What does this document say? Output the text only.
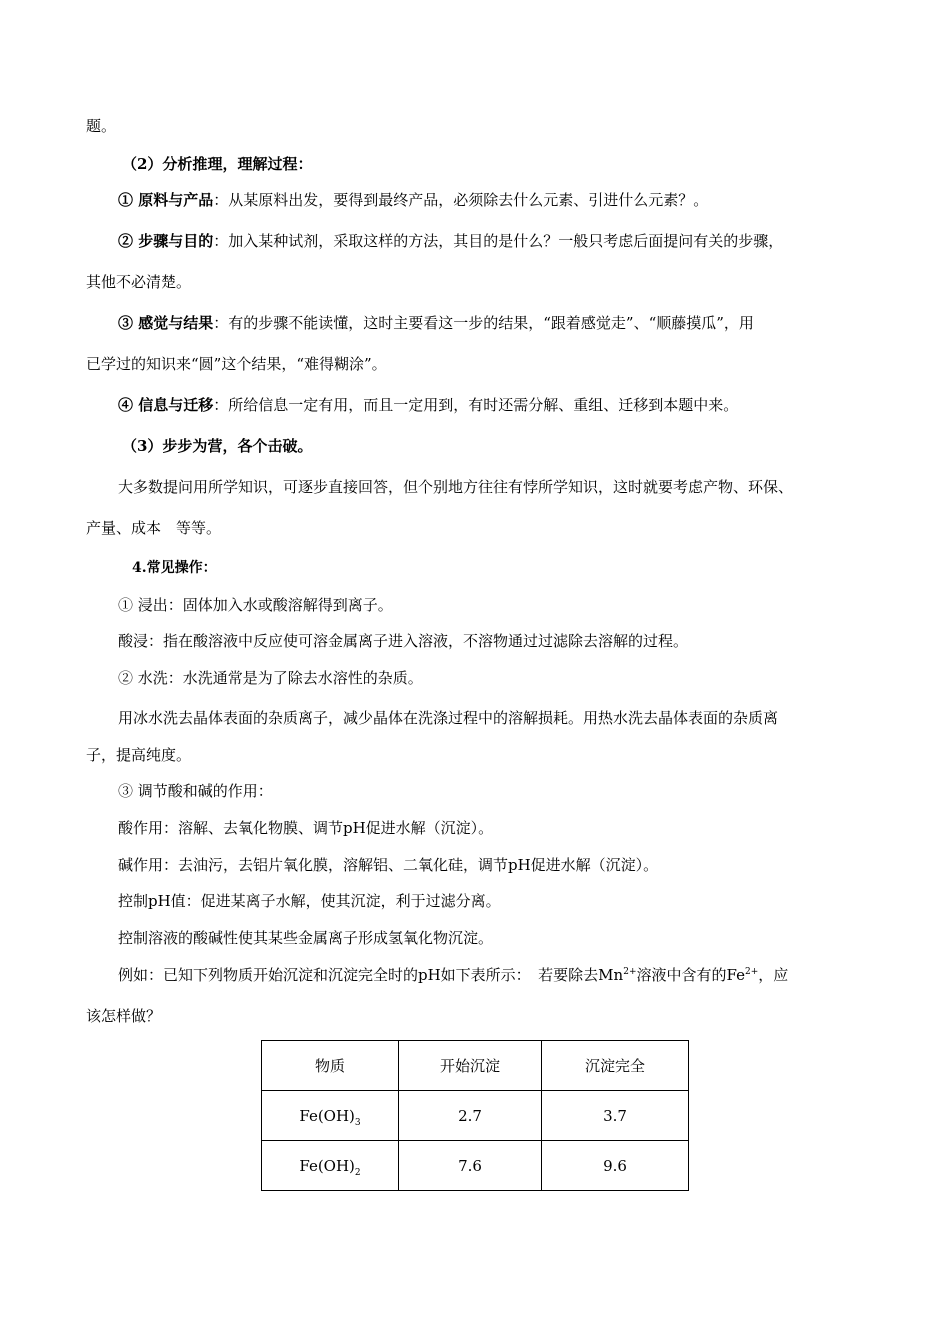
题。
（2）分析推理，理解过程：
① 原料与产品：从某原料出发，要得到最终产品，必须除去什么元素、引进什么元素？。
② 步骤与目的：加入某种试剂，采取这样的方法，其目的是什么？一般只考虑后面提问有关的步骤，
其他不必清楚。
③ 感觉与结果：有的步骤不能读懂，这时主要看这一步的结果，“跟着感觉走”、“顺藤摸瓜”，用
已学过的知识来“圆”这个结果，“难得糊涂”。
④ 信息与迁移：所给信息一定有用，而且一定用到，有时还需分解、重组、迁移到本题中来。
（3）步步为营，各个击破。
大多数提问用所学知识，可逐步直接回答，但个别地方往往有悖所学知识，这时就要考虑产物、环保、
产量、成本　等等。
4.常见操作：
① 浸出：固体加入水或酸溶解得到离子。
酸浸：指在酸溶液中反应使可溶金属离子进入溶液，不溶物通过过滤除去溶解的过程。
② 水洗：水洗通常是为了除去水溶性的杂质。
用冰水洗去晶体表面的杂质离子，减少晶体在洗涤过程中的溶解损耗。用热水洗去晶体表面的杂质离
子，提高纯度。
③ 调节酸和碱的作用：
酸作用：溶解、去氧化物膜、调节pH促进水解（沉淀）。
碱作用：去油污，去铝片氧化膜，溶解铝、二氧化硅，调节pH促进水解（沉淀）。
控制pH值：促进某离子水解，使其沉淀，利于过滤分离。
控制溶液的酸碱性使其某些金属离子形成氢氧化物沉淀。
例如：已知下列物质开始沉淀和沉淀完全时的pH如下表所示：　若要除去$Mn^{2+}$溶液中含有的$Fe^{2+}$，应
该怎样做？
物质	开始沉淀	沉淀完全
$Fe(OH)_3$	2.7	3.7
$Fe(OH)_2$	7.6	9.6
